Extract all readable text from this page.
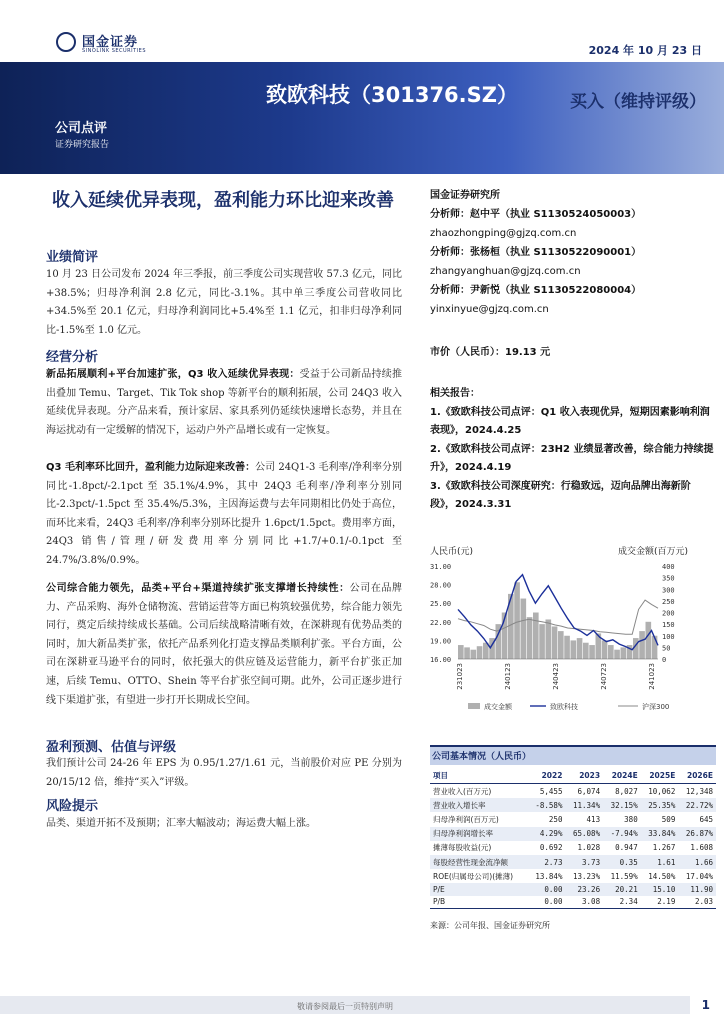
国金证券
SINOLINK SECURITIES	2024 年 10 月 23 日
致欧科技（301376.SZ）	买入（维持评级）
公司点评
证券研究报告
收入延续优异表现，盈利能力环比迎来改善
业绩简评
10 月 23 日公司发布 2024 年三季报，前三季度公司实现营收 57.3 亿元，同比+38.5%；归母净利润 2.8 亿元，同比-3.1%。其中单三季度公司营收同比+34.5%至 20.1 亿元，归母净利润同比+5.4%至 1.1 亿元，扣非归母净利同比-1.5%至 1.0 亿元。
经营分析
新品拓展顺利+平台加速扩张，Q3 收入延续优异表现：受益于公司新品持续推出叠加 Temu、Target、Tik Tok shop 等新平台的顺利拓展，公司 24Q3 收入延续优异表现。分产品来看，预计家居、家具系列仍延续快速增长态势，并且在海运扰动有一定缓解的情况下，运动户外产品增长或有一定恢复。
Q3 毛利率环比回升，盈利能力边际迎来改善：公司 24Q1-3 毛利率/净利率分别同比-1.8pct/-2.1pct 至 35.1%/4.9%，其中 24Q3 毛利率/净利率分别同比-2.3pct/-1.5pct 至 35.4%/5.3%，主因海运费与去年同期相比仍处于高位，而环比来看，24Q3 毛利率/净利率分别环比提升 1.6pct/1.5pct。费用率方面，24Q3 销售/管理/研发费用率分别同比+1.7/+0.1/-0.1pct 至 24.7%/3.8%/0.9%。
公司综合能力领先，品类+平台+渠道持续扩张支撑增长持续性：公司在品牌力、产品采购、海外仓储物流、营销运营等方面已构筑较强优势，综合能力领先同行，奠定后续持续成长基础。公司后续战略清晰有效，在深耕现有优势品类的同时，加大新品类扩张，依托产品系列化打造支撑品类顺利扩张。平台方面，公司在深耕亚马逊平台的同时，依托强大的供应链及运营能力，新平台扩张正加速，后续 Temu、OTTO、Shein 等平台扩张空间可期。此外，公司正逐步进行线下渠道扩张，有望进一步打开长期成长空间。
盈利预测、估值与评级
我们预计公司 24-26 年 EPS 为 0.95/1.27/1.61 元，当前股价对应 PE 分别为 20/15/12 倍，维持“买入”评级。
风险提示
品类、渠道开拓不及预期；汇率大幅波动；海运费大幅上涨。
国金证券研究所
分析师：赵中平（执业 S1130524050003）
zhaozhongping@gjzq.com.cn
分析师：张杨桓（执业 S1130522090001）
zhangyanghuan@gjzq.com.cn
分析师：尹新悦（执业 S1130522080004）
yinxinyue@gjzq.com.cn
市价（人民币）：19.13 元
相关报告：
1.《致欧科技公司点评：Q1 收入表现优异，短期因素影响利润表现》，2024.4.25
2.《致欧科技公司点评：23H2 业绩显著改善，综合能力持续提升》，2024.4.19
3.《致欧科技公司深度研究：行稳致远，迈向品牌出海新阶段》，2024.3.31
人民币(元)	成交金额(百万元)
31.00
28.00
25.00
22.00
19.00
16.00
400
350
300
250
200
150
100
50
0
231023	240123	240423	240723	241023
成交金额	致欧科技	沪深300
公司基本情况（人民币）
项目	2022	2023	2024E	2025E	2026E
营业收入(百万元)	5,455	6,074	8,027	10,062	12,348
营业收入增长率	-8.58%	11.34%	32.15%	25.35%	22.72%
归母净利润(百万元)	250	413	380	509	645
归母净利润增长率	4.29%	65.08%	-7.94%	33.84%	26.87%
摊薄每股收益(元)	0.692	1.028	0.947	1.267	1.608
每股经营性现金流净额	2.73	3.73	0.35	1.61	1.66
ROE(归属母公司)(摊薄)	13.84%	13.23%	11.59%	14.50%	17.04%
P/E	0.00	23.26	20.21	15.10	11.90
P/B	0.00	3.08	2.34	2.19	2.03
来源：公司年报、国金证券研究所
敬请参阅最后一页特别声明	1
